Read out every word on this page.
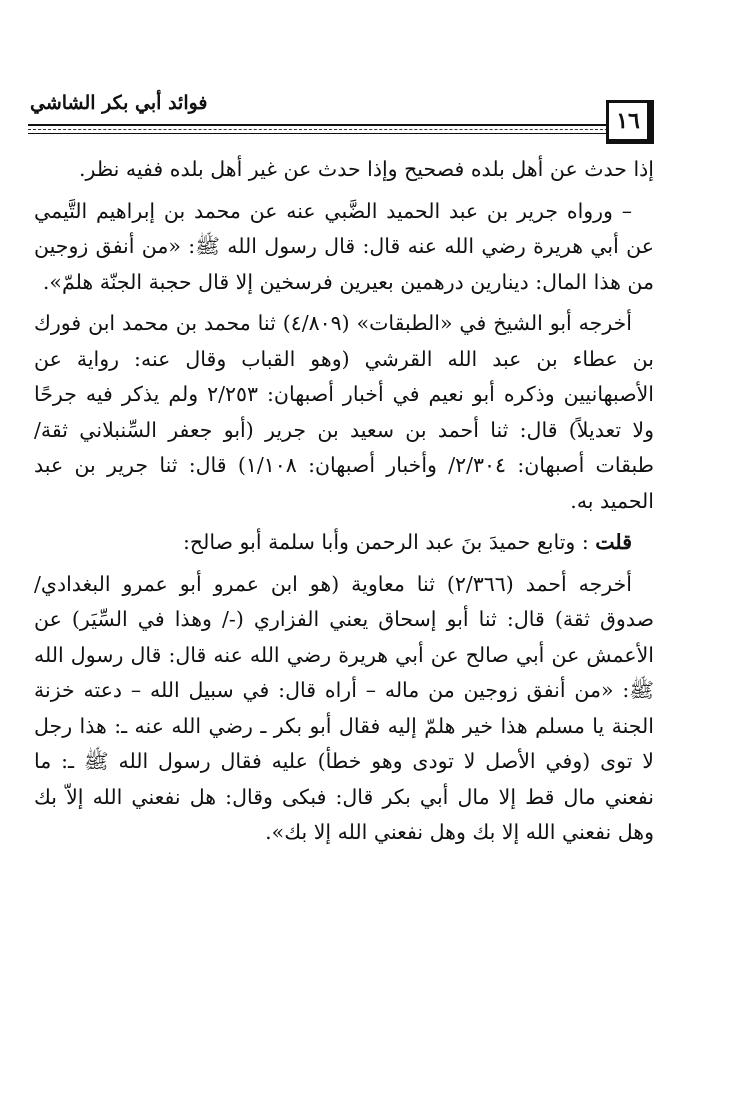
فوائد أبي بكر الشاشي
١٦

إذا حدث عن أهل بلده فصحيح وإذا حدث عن غير أهل بلده ففيه نظر.

– ورواه جرير بن عبد الحميد الضَّبي عنه عن محمد بن إبراهيم التَّيمي عن أبي هريرة رضي الله عنه قال: قال رسول الله ﷺ: «من أنفق زوجين من هذا المال: دينارين درهمين بعيرين فرسخين إلا قال حجبة الجنّة هلمّ».

أخرجه أبو الشيخ في «الطبقات» (٤/٨٠٩) ثنا محمد بن محمد ابن فورك بن عطاء بن عبد الله القرشي (وهو القباب وقال عنه: رواية عن الأصبهانيين وذكره أبو نعيم في أخبار أصبهان: ٢/٢٥٣ ولم يذكر فيه جرحًا ولا تعديلاً) قال: ثنا أحمد بن سعيد بن جرير (أبو جعفر السِّنبلاني ثقة/ طبقات أصبهان: ٢/٣٠٤/ وأخبار أصبهان: ١/١٠٨) قال: ثنا جرير بن عبد الحميد به.

قلت : وتابع حميدَ بنَ عبد الرحمن وأبا سلمة أبو صالح:

أخرجه أحمد (٢/٣٦٦) ثنا معاوية (هو ابن عمرو أبو عمرو البغدادي/ صدوق ثقة) قال: ثنا أبو إسحاق يعني الفزاري (-/ وهذا في السِّيَر) عن الأعمش عن أبي صالح عن أبي هريرة رضي الله عنه قال: قال رسول الله ﷺ: «من أنفق زوجين من ماله – أراه قال: في سبيل الله – دعته خزنة الجنة يا مسلم هذا خير هلمّ إليه فقال أبو بكر ـ رضي الله عنه ـ: هذا رجل لا توى (وفي الأصل لا تودى وهو خطأ) عليه فقال رسول الله ﷺ ـ: ما نفعني مال قط إلا مال أبي بكر قال: فبكى وقال: هل نفعني الله إلاّ بك وهل نفعني الله إلا بك وهل نفعني الله إلا بك».
